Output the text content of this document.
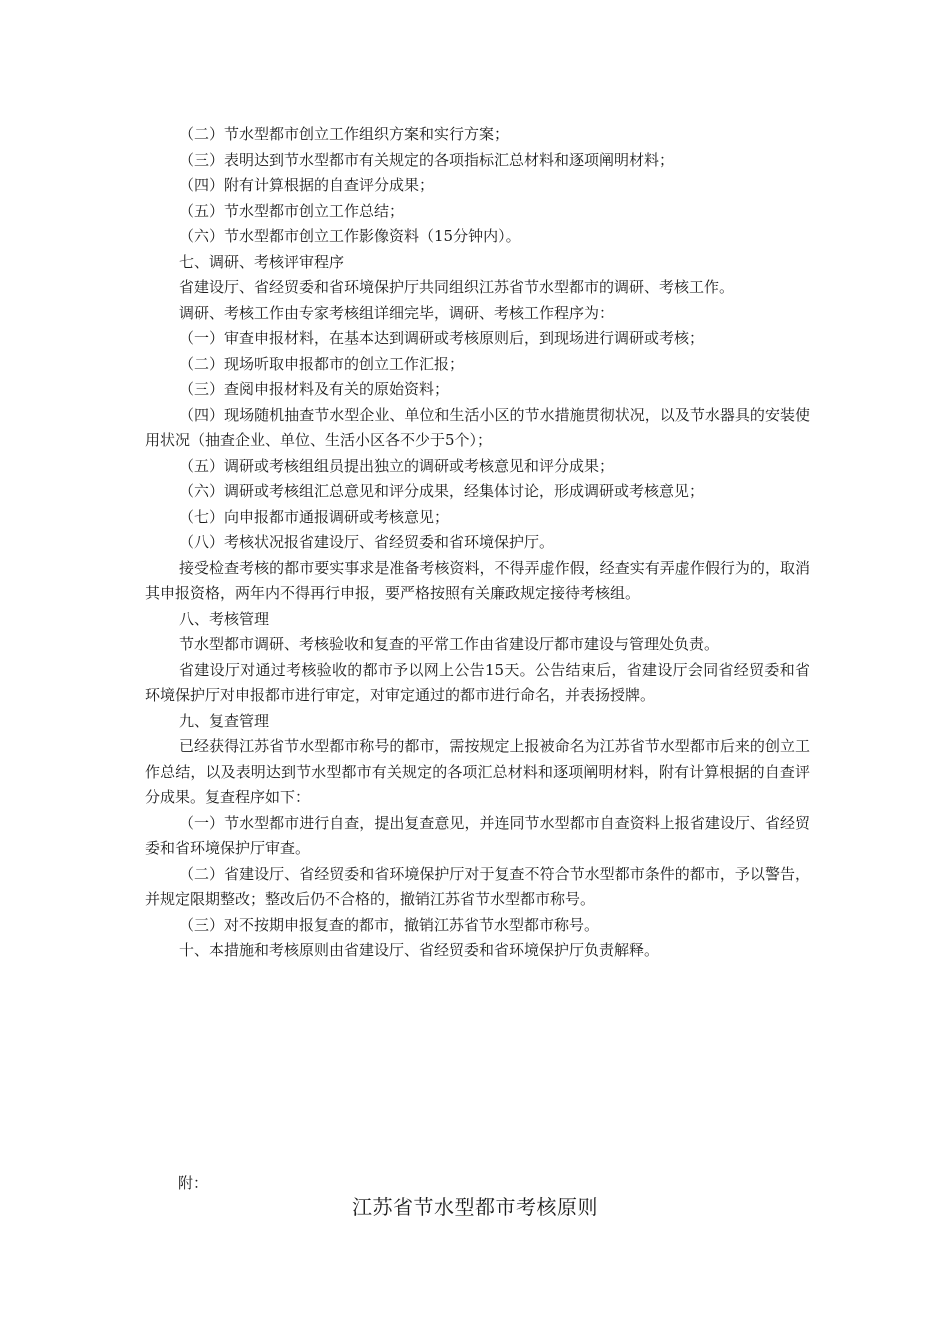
（二）节水型都市创立工作组织方案和实行方案；

（三）表明达到节水型都市有关规定的各项指标汇总材料和逐项阐明材料；

（四）附有计算根据的自查评分成果；

（五）节水型都市创立工作总结；

（六）节水型都市创立工作影像资料（15分钟内）。

七、调研、考核评审程序

省建设厅、省经贸委和省环境保护厅共同组织江苏省节水型都市的调研、考核工作。

调研、考核工作由专家考核组详细完毕，调研、考核工作程序为：

（一）审查申报材料，在基本达到调研或考核原则后，到现场进行调研或考核；

（二）现场听取申报都市的创立工作汇报；

（三）查阅申报材料及有关的原始资料；

（四）现场随机抽查节水型企业、单位和生活小区的节水措施贯彻状况，以及节水器具的安装使用状况（抽查企业、单位、生活小区各不少于5个）；

（五）调研或考核组组员提出独立的调研或考核意见和评分成果；

（六）调研或考核组汇总意见和评分成果，经集体讨论，形成调研或考核意见；

（七）向申报都市通报调研或考核意见；

（八）考核状况报省建设厅、省经贸委和省环境保护厅。

接受检查考核的都市要实事求是准备考核资料，不得弄虚作假，经查实有弄虚作假行为的，取消其申报资格，两年内不得再行申报，要严格按照有关廉政规定接待考核组。

八、考核管理

节水型都市调研、考核验收和复查的平常工作由省建设厅都市建设与管理处负责。

省建设厅对通过考核验收的都市予以网上公告15天。公告结束后，省建设厅会同省经贸委和省环境保护厅对申报都市进行审定，对审定通过的都市进行命名，并表扬授牌。

九、复查管理

已经获得江苏省节水型都市称号的都市，需按规定上报被命名为江苏省节水型都市后来的创立工作总结，以及表明达到节水型都市有关规定的各项汇总材料和逐项阐明材料，附有计算根据的自查评分成果。复查程序如下：

（一）节水型都市进行自查，提出复查意见，并连同节水型都市自查资料上报省建设厅、省经贸委和省环境保护厅审查。

（二）省建设厅、省经贸委和省环境保护厅对于复查不符合节水型都市条件的都市，予以警告，并规定限期整改；整改后仍不合格的，撤销江苏省节水型都市称号。

（三）对不按期申报复查的都市，撤销江苏省节水型都市称号。

十、本措施和考核原则由省建设厅、省经贸委和省环境保护厅负责解释。

附：
江苏省节水型都市考核原则
